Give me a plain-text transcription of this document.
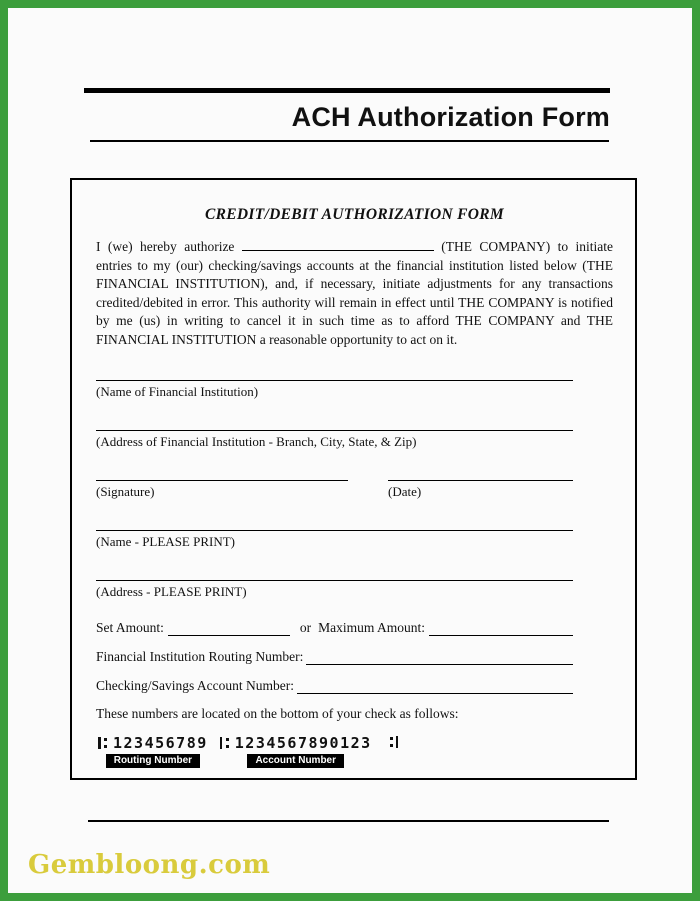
ACH Authorization Form
CREDIT/DEBIT AUTHORIZATION FORM

I (we) hereby authorize	(THE COMPANY) to initiate entries to my (our) checking/savings accounts at the financial institution listed below (THE FINANCIAL INSTITUTION), and, if necessary, initiate adjustments for any transactions credited/debited in error. This authority will remain in effect until THE COMPANY is notified by me (us) in writing to cancel it in such time as to afford THE COMPANY and THE FINANCIAL INSTITUTION a reasonable opportunity to act on it.

(Name of Financial Institution)
(Address of Financial Institution - Branch, City, State, & Zip)
(Signature)	(Date)
(Name - PLEASE PRINT)
(Address - PLEASE PRINT)
Set Amount:	or Maximum Amount:
Financial Institution Routing Number:
Checking/Savings Account Number:
These numbers are located on the bottom of your check as follows:
123456789
Routing Number
1234567890123
Account Number
Gembloong.com
